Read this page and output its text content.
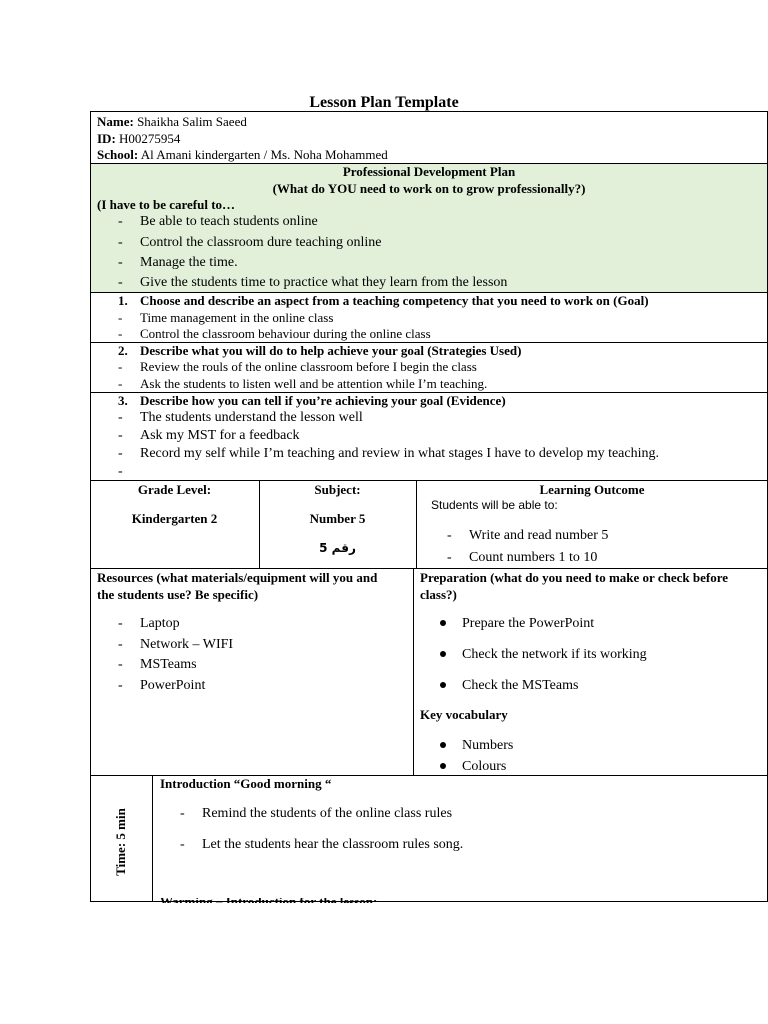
Lesson Plan Template
Name: Shaikha Salim Saeed
ID: H00275954
School: Al Amani kindergarten / Ms. Noha Mohammed
Professional Development Plan
(What do YOU need to work on to grow professionally?)
(I have to be careful to…
- Be able to teach students online
- Control the classroom dure teaching online
- Manage the time.
- Give the students time to practice what they learn from the lesson
1. Choose and describe an aspect from a teaching competency that you need to work on (Goal)
- Time management in the online class
- Control the classroom behaviour during the online class
2. Describe what you will do to help achieve your goal (Strategies Used)
- Review the rouls of the online classroom before I begin the class
- Ask the students to listen well and be attention while I’m teaching.
3. Describe how you can tell if you’re achieving your goal (Evidence)
- The students understand the lesson well
- Ask my MST for a feedback
- Record my self while I’m teaching and review in what stages I have to develop my teaching.
-
Grade Level:
Kindergarten 2
Subject:
Number 5
رقم 5
Learning Outcome
Students will be able to:
- Write and read number 5
- Count numbers 1 to 10
Resources (what materials/equipment will you and
the students use? Be specific)
- Laptop
- Network – WIFI
- MSTeams
- PowerPoint
Preparation (what do you need to make or check before
class?)
Prepare the PowerPoint
Check the network if its working
Check the MSTeams
Key vocabulary
Numbers
Colours
Time: 5 min
Introduction “Good morning “
- Remind the students of the online class rules
- Let the students hear the classroom rules song.
